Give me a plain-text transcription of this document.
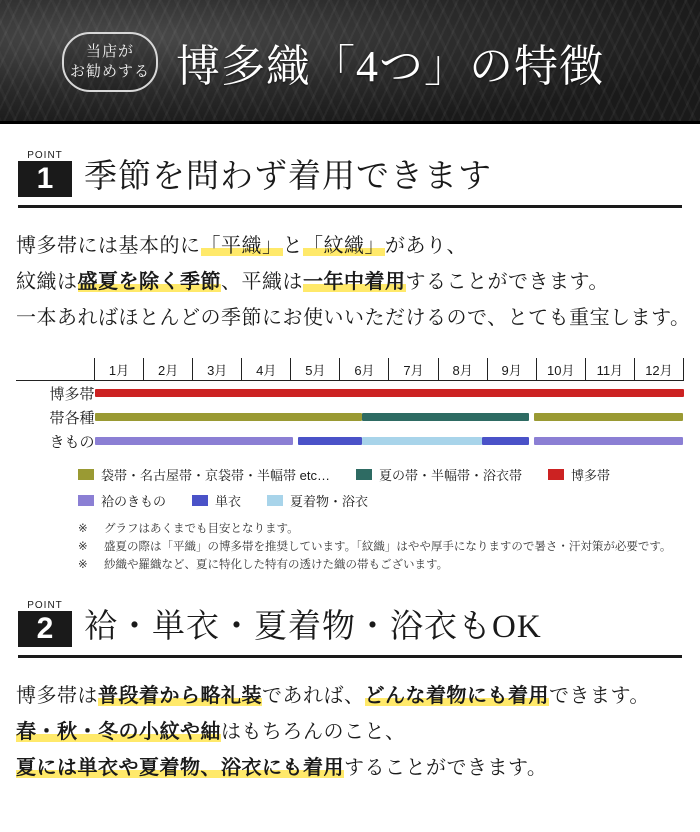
当店が
お勧めする 博多織「4つ」の特徴
POINT
1 季節を問わず着用できます
博多帯には基本的に「平織」と「紋織」があり、
紋織は盛夏を除く季節、平織は一年中着用することができます。
一本あればほとんどの季節にお使いいただけるので、とても重宝します。
	1月	2月	3月	4月	5月	6月	7月	8月	9月	10月	11月	12月
博多帯												

帯各種												

きもの												
袋帯・名古屋帯・京袋帯・半幅帯 etc…	夏の帯・半幅帯・浴衣帯	博多帯
袷のきもの	単衣	夏着物・浴衣
※	グラフはあくまでも目安となります。
※	盛夏の際は「平織」の博多帯を推奨しています。「紋織」はやや厚手になりますので暑さ・汗対策が必要です。
※	紗織や羅織など、夏に特化した特有の透けた織の帯もございます。
POINT
2 袷・単衣・夏着物・浴衣もOK
博多帯は普段着から略礼装であれば、どんな着物にも着用できます。
春・秋・冬の小紋や紬はもちろんのこと、
夏には単衣や夏着物、浴衣にも着用することができます。
